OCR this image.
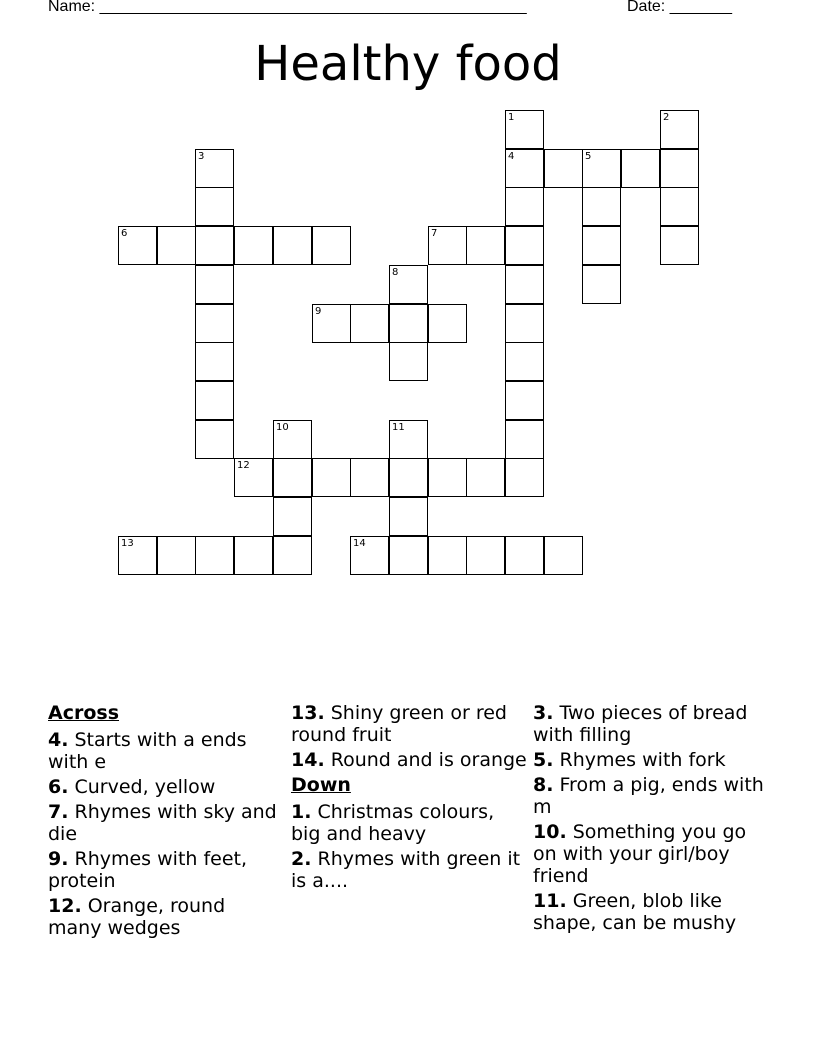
Name: ________________________________________________	Date: _______
Healthy food
1	2
3	4	5
6	7
8
9
10	11
12
13	14
Across
4. Starts with a ends with e
6. Curved, yellow
7. Rhymes with sky and die
9. Rhymes with feet, protein
12. Orange, round many wedges
13. Shiny green or red round fruit
14. Round and is orange
Down
1. Christmas colours, big and heavy
2. Rhymes with green it is a....
3. Two pieces of bread with filling
5. Rhymes with fork
8. From a pig, ends with m
10. Something you go on with your girl/boy friend
11. Green, blob like shape, can be mushy
